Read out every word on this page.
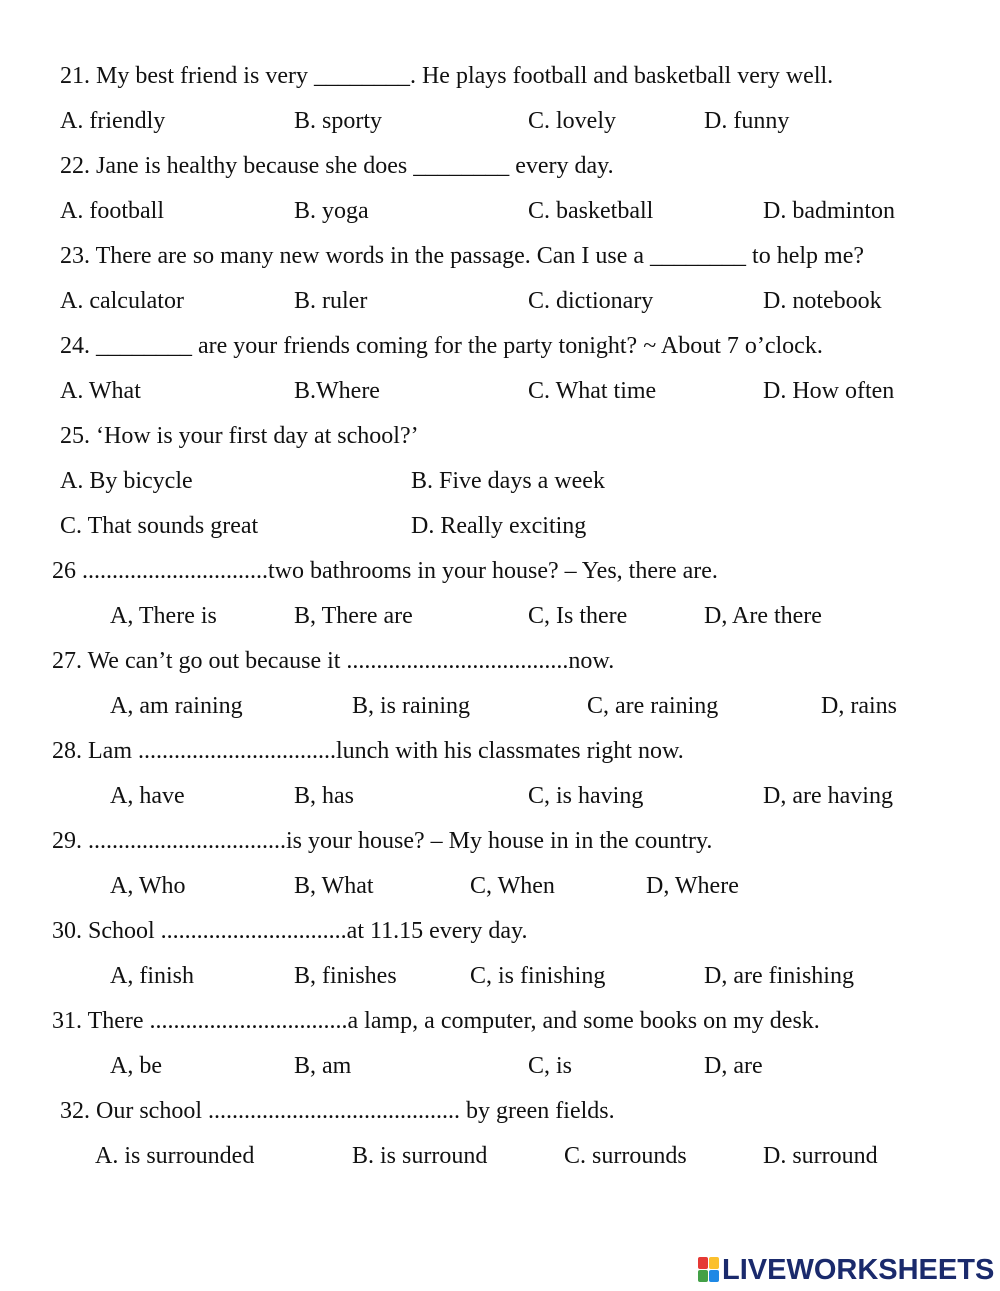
21. My best friend is very ________. He plays football and basketball very well.
A. friendly	B. sporty	C. lovely	D. funny
22. Jane is healthy because she does ________ every day.
A. football	B. yoga	C. basketball	D. badminton
23. There are so many new words in the passage. Can I use a ________ to help me?
A. calculator	B. ruler	C. dictionary	D. notebook
24. ________ are your friends coming for the party tonight? ~ About 7 o’clock.
A. What	B.Where	C. What time	D. How often
25. ‘How is your first day at school?’
A. By bicycle	B. Five days a week
C. That sounds great	D. Really exciting
26 ...............................two bathrooms in your house? – Yes, there are.
A, There is	B, There are	C, Is there	D, Are there
27. We can’t go out because it .....................................now.
A, am raining	B, is raining	C, are raining	D, rains
28. Lam .................................lunch with his classmates right now.
A, have	B, has	C, is having	D, are having
29. .................................is your house? – My house in in the country.
A, Who	B, What	C, When	D, Where
30. School ...............................at 11.15 every day.
A, finish	B, finishes	C, is finishing	D, are finishing
31. There .................................a lamp, a computer, and some books on my desk.
A, be	B, am	C, is	D, are
32. Our school .......................................... by green fields.
A. is surrounded	B. is surround	C. surrounds	D. surround
LIVEWORKSHEETS
